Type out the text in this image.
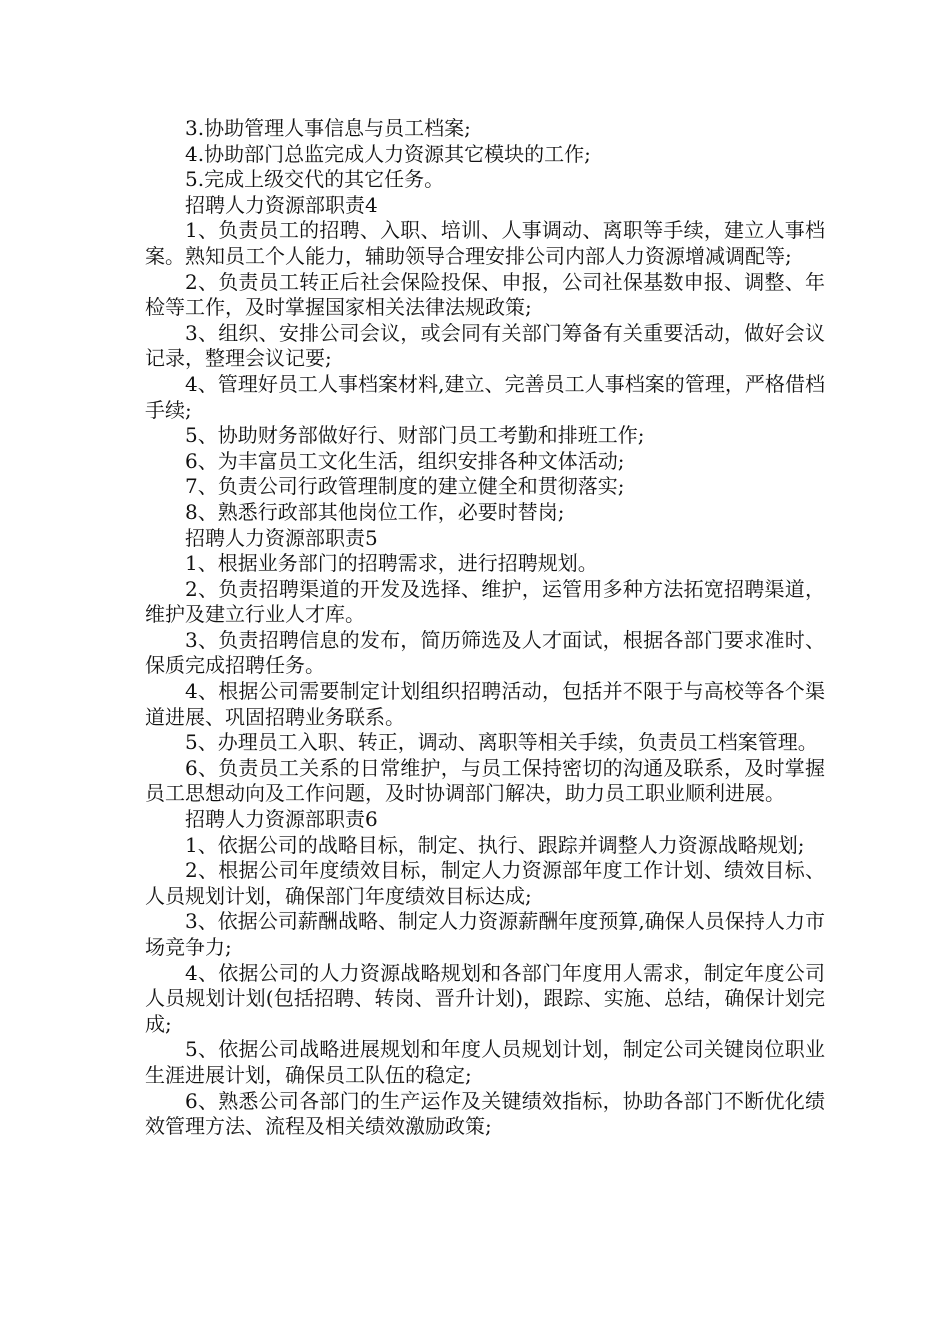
3.协助管理人事信息与员工档案;

4.协助部门总监完成人力资源其它模块的工作;

5.完成上级交代的其它任务。

招聘人力资源部职责4

1、负责员工的招聘、入职、培训、人事调动、离职等手续，建立人事档案。熟知员工个人能力，辅助领导合理安排公司内部人力资源增减调配等;

2、负责员工转正后社会保险投保、申报，公司社保基数申报、调整、年检等工作，及时掌握国家相关法律法规政策;

3、组织、安排公司会议，或会同有关部门筹备有关重要活动，做好会议记录，整理会议记要;

4、管理好员工人事档案材料,建立、完善员工人事档案的管理，严格借档手续;

5、协助财务部做好行、财部门员工考勤和排班工作;

6、为丰富员工文化生活，组织安排各种文体活动;

7、负责公司行政管理制度的建立健全和贯彻落实;

8、熟悉行政部其他岗位工作，必要时替岗;

招聘人力资源部职责5

1、根据业务部门的招聘需求，进行招聘规划。

2、负责招聘渠道的开发及选择、维护，运管用多种方法拓宽招聘渠道，维护及建立行业人才库。

3、负责招聘信息的发布，简历筛选及人才面试，根据各部门要求准时、保质完成招聘任务。

4、根据公司需要制定计划组织招聘活动，包括并不限于与高校等各个渠道进展、巩固招聘业务联系。

5、办理员工入职、转正，调动、离职等相关手续，负责员工档案管理。

6、负责员工关系的日常维护，与员工保持密切的沟通及联系，及时掌握员工思想动向及工作问题，及时协调部门解决，助力员工职业顺利进展。

招聘人力资源部职责6

1、依据公司的战略目标，制定、执行、跟踪并调整人力资源战略规划;

2、根据公司年度绩效目标，制定人力资源部年度工作计划、绩效目标、人员规划计划，确保部门年度绩效目标达成;

3、依据公司薪酬战略、制定人力资源薪酬年度预算,确保人员保持人力市场竞争力;

4、依据公司的人力资源战略规划和各部门年度用人需求，制定年度公司人员规划计划(包括招聘、转岗、晋升计划)，跟踪、实施、总结，确保计划完成;

5、依据公司战略进展规划和年度人员规划计划，制定公司关键岗位职业生涯进展计划，确保员工队伍的稳定;

6、熟悉公司各部门的生产运作及关键绩效指标，协助各部门不断优化绩效管理方法、流程及相关绩效激励政策;
